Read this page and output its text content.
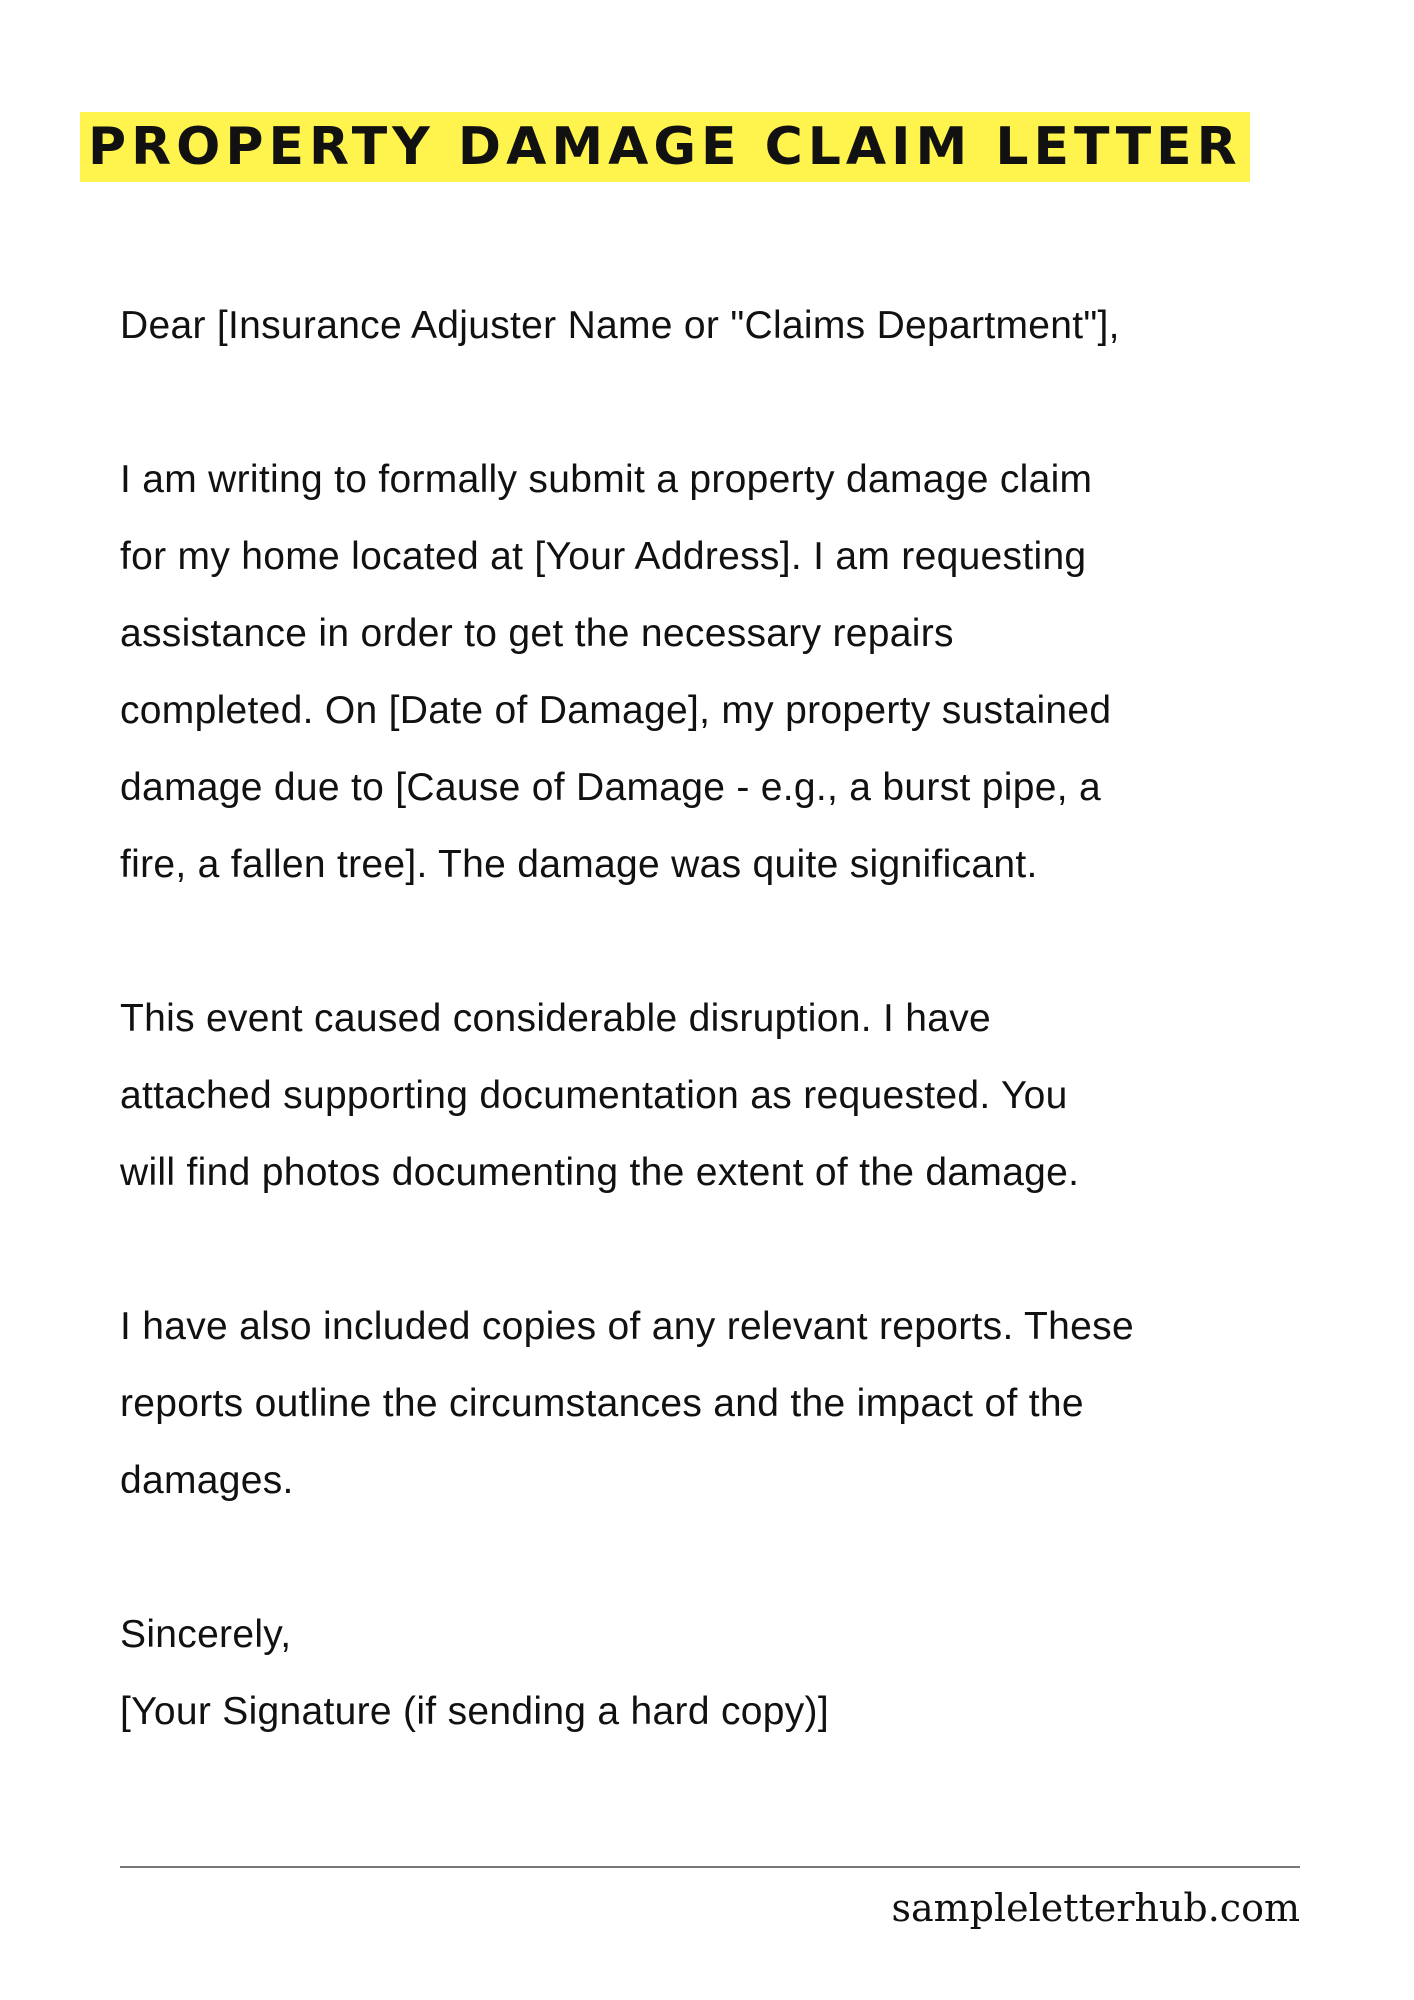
PROPERTY DAMAGE CLAIM LETTER

Dear [Insurance Adjuster Name or "Claims Department"],

I am writing to formally submit a property damage claim
for my home located at [Your Address]. I am requesting
assistance in order to get the necessary repairs
completed. On [Date of Damage], my property sustained
damage due to [Cause of Damage - e.g., a burst pipe, a
fire, a fallen tree]. The damage was quite significant.

This event caused considerable disruption. I have
attached supporting documentation as requested. You
will find photos documenting the extent of the damage.

I have also included copies of any relevant reports. These
reports outline the circumstances and the impact of the
damages.

Sincerely,

[Your Signature (if sending a hard copy)]

sampleletterhub.com
